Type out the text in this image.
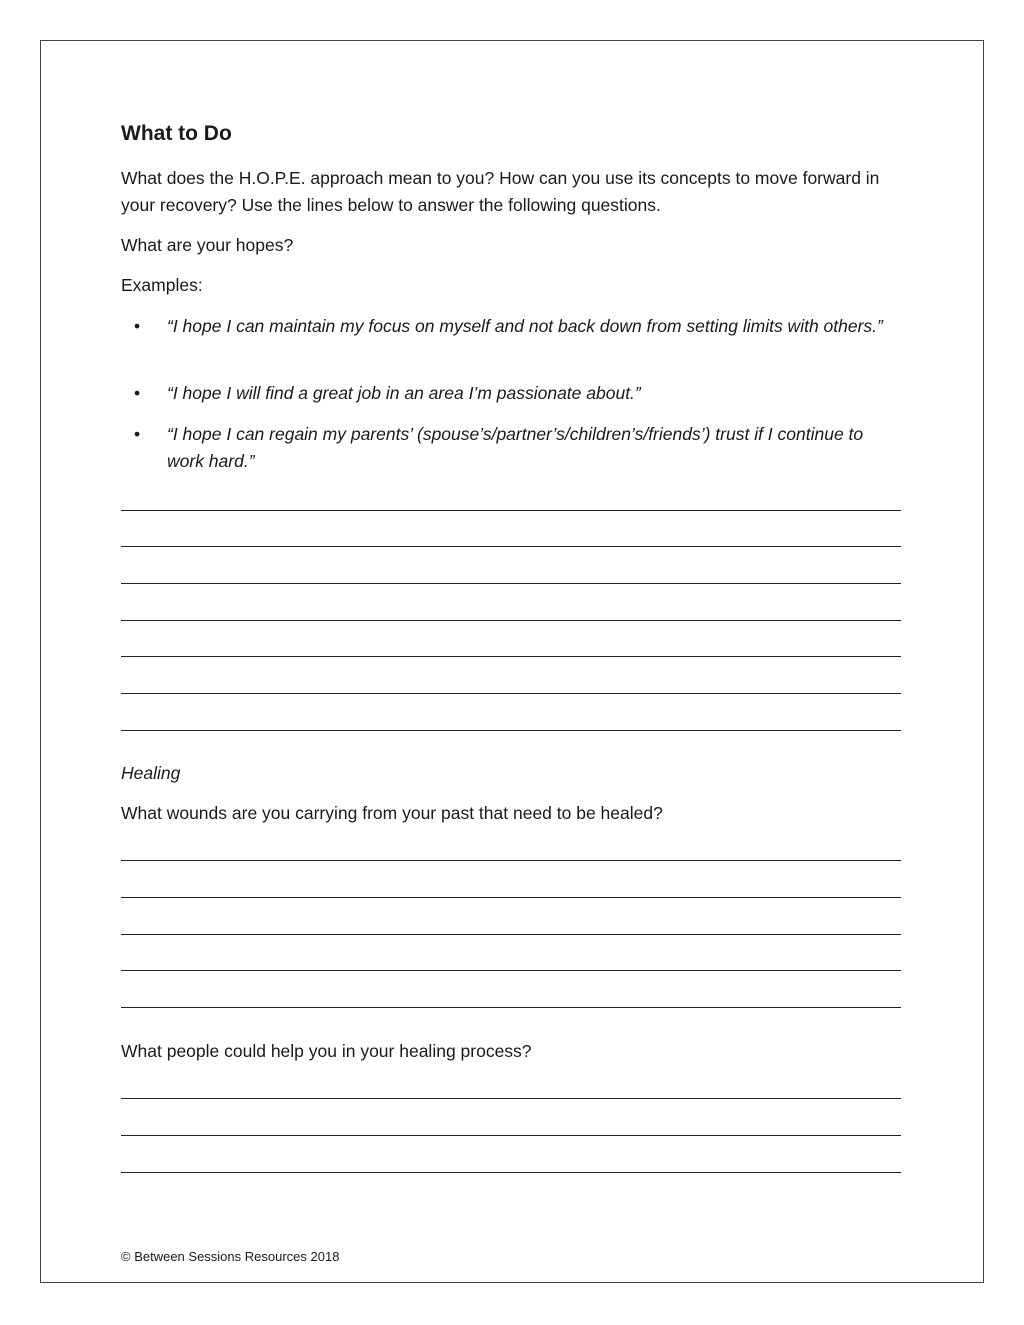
What to Do
What does the H.O.P.E. approach mean to you? How can you use its concepts to move forward in your recovery? Use the lines below to answer the following questions.
What are your hopes?
Examples:
•	“I hope I can maintain my focus on myself and not back down from setting limits with others.”
•	“I hope I will find a great job in an area I’m passionate about.”
•	“I hope I can regain my parents’ (spouse’s/partner’s/children’s/friends’) trust if I continue to work hard.”
Healing
What wounds are you carrying from your past that need to be healed?
What people could help you in your healing process?
© Between Sessions Resources 2018
